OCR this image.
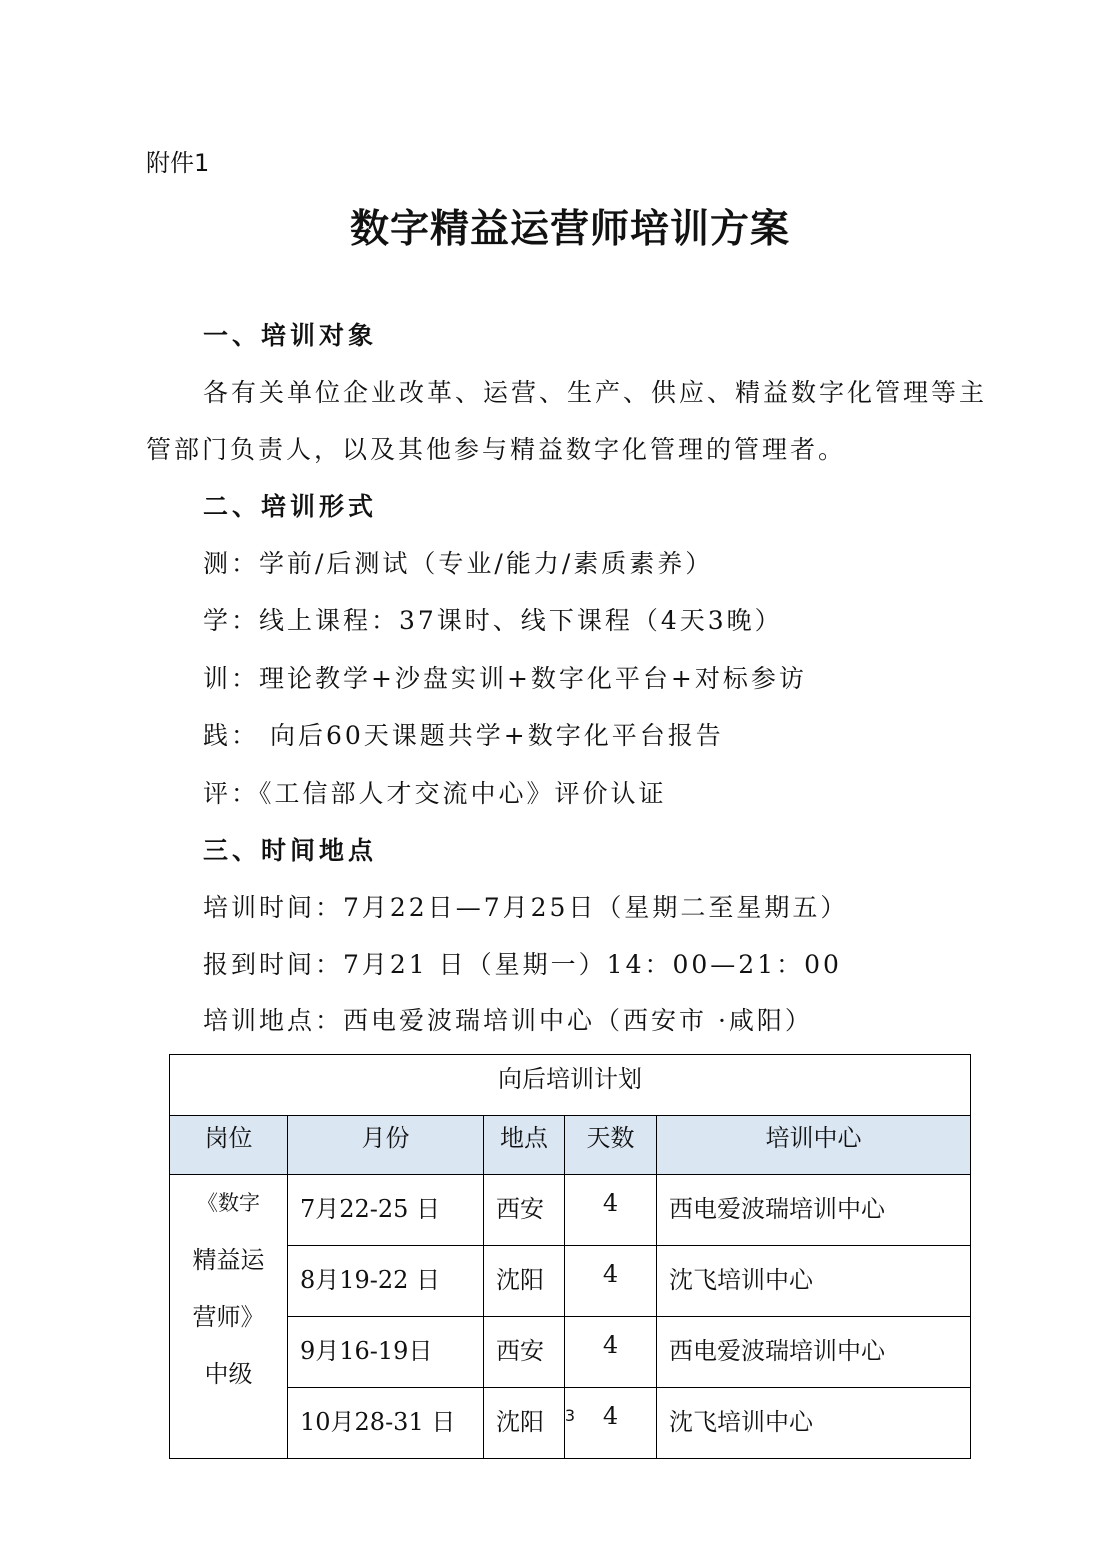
附件1
数字精益运营师培训方案
一、培训对象
各有关单位企业改革、运营、生产、供应、精益数字化管理等主
管部门负责人，以及其他参与精益数字化管理的管理者。
二、培训形式
测：学前/后测试（专业/能力/素质素养）
学：线上课程：37课时、线下课程（4天3晚）
训：理论教学+沙盘实训+数字化平台+对标参访
践： 向后60天课题共学+数字化平台报告
评：《工信部人才交流中心》评价认证
三、时间地点
培训时间：7月22日—7月25日（星期二至星期五）
报到时间：7月21 日（星期一）14：00—21：00
培训地点：西电爱波瑞培训中心（西安市 ·咸阳）
向后培训计划				
岗位	月份	地点	天数	培训中心

《数字
精益运
营师》
中级	7月22-25 日	西安	4	西电爱波瑞培训中心
	8月19-22 日	沈阳	4	沈飞培训中心
	9月16-19日	西安	4	西电爱波瑞培训中心
	10月28-31 日	沈阳	4	沈飞培训中心
3
